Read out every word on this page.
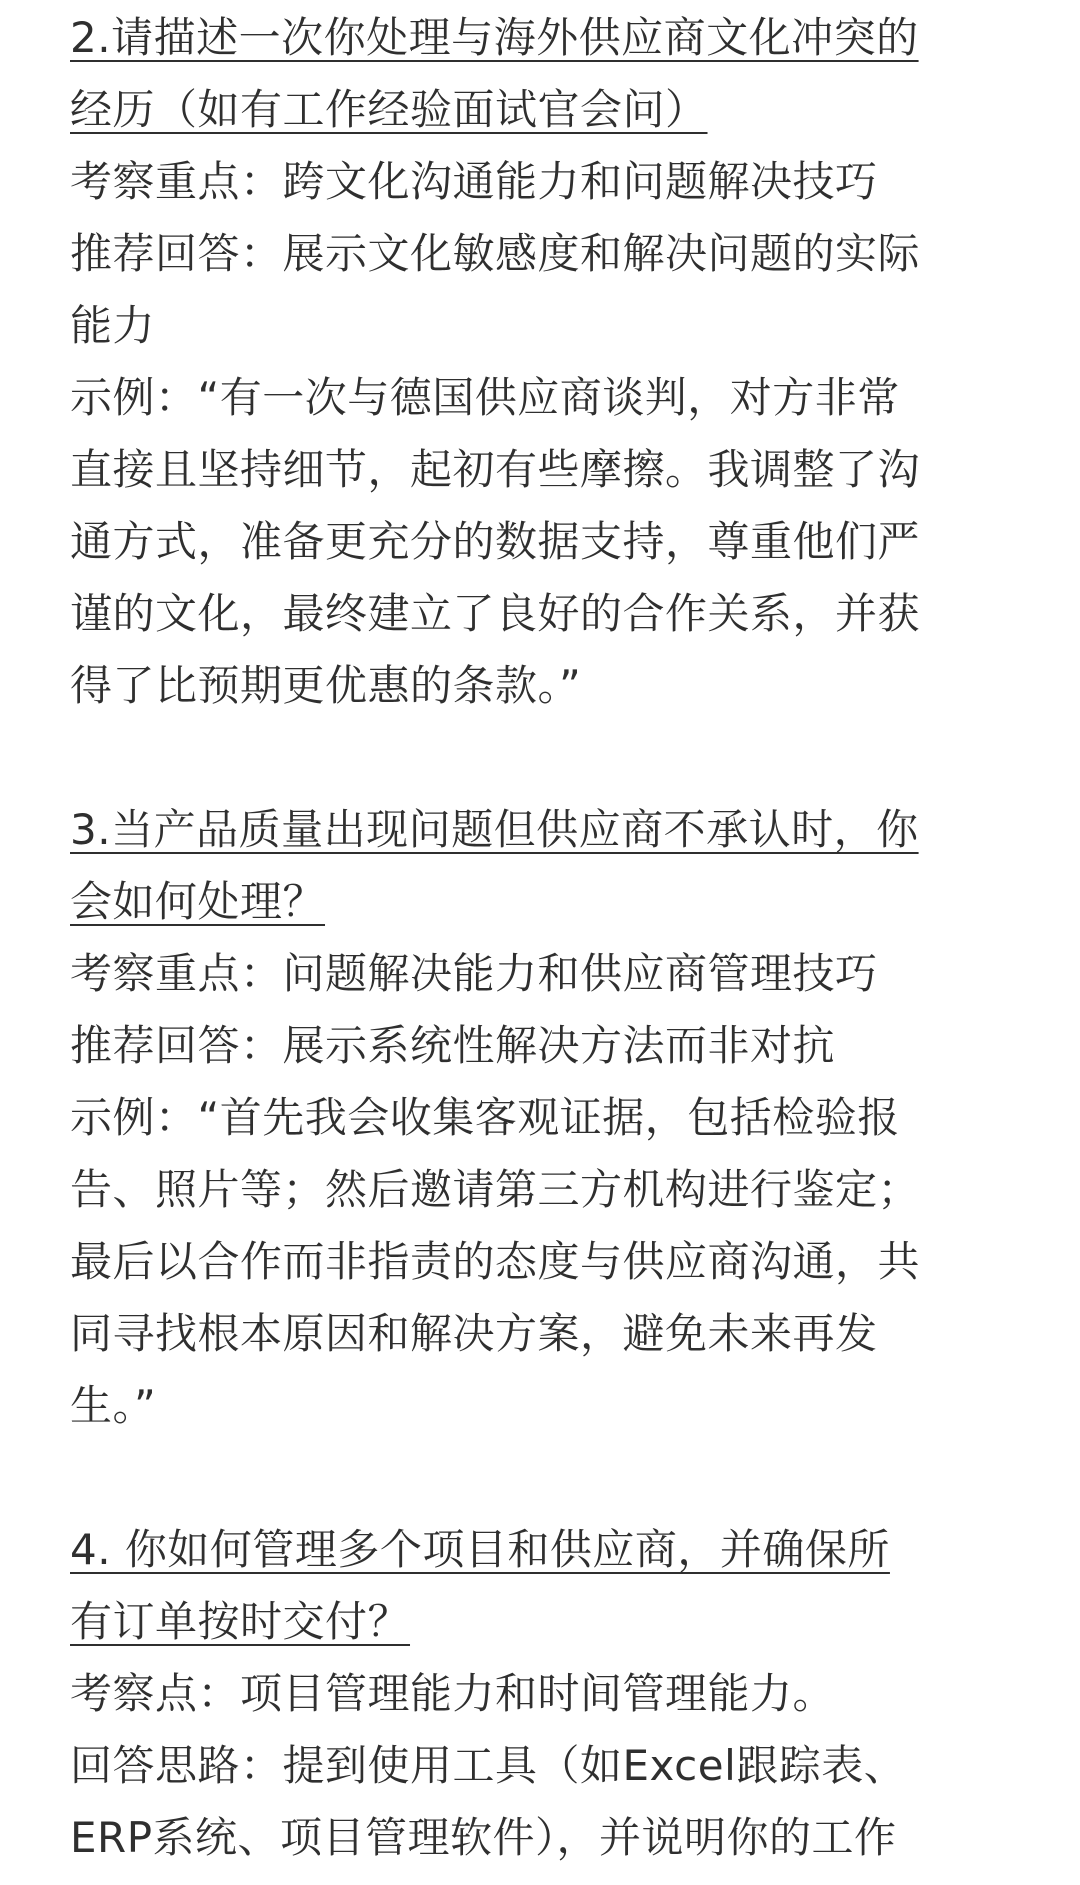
2.请描述一次你处理与海外供应商文化冲突的
经历（如有工作经验面试官会问）
考察重点：跨文化沟通能力和问题解决技巧
推荐回答：展示文化敏感度和解决问题的实际
能力
示例：“有一次与德国供应商谈判，对方非常
直接且坚持细节，起初有些摩擦。我调整了沟
通方式，准备更充分的数据支持，尊重他们严
谨的文化，最终建立了良好的合作关系，并获
得了比预期更优惠的条款。”
3.当产品质量出现问题但供应商不承认时，你
会如何处理？
考察重点：问题解决能力和供应商管理技巧
推荐回答：展示系统性解决方法而非对抗
示例：“首先我会收集客观证据，包括检验报
告、照片等；然后邀请第三方机构进行鉴定；
最后以合作而非指责的态度与供应商沟通，共
同寻找根本原因和解决方案，避免未来再发
生。”
4. 你如何管理多个项目和供应商，并确保所
有订单按时交付？
考察点：项目管理能力和时间管理能力。
回答思路：提到使用工具（如Excel跟踪表、
ERP系统、项目管理软件），并说明你的工作
